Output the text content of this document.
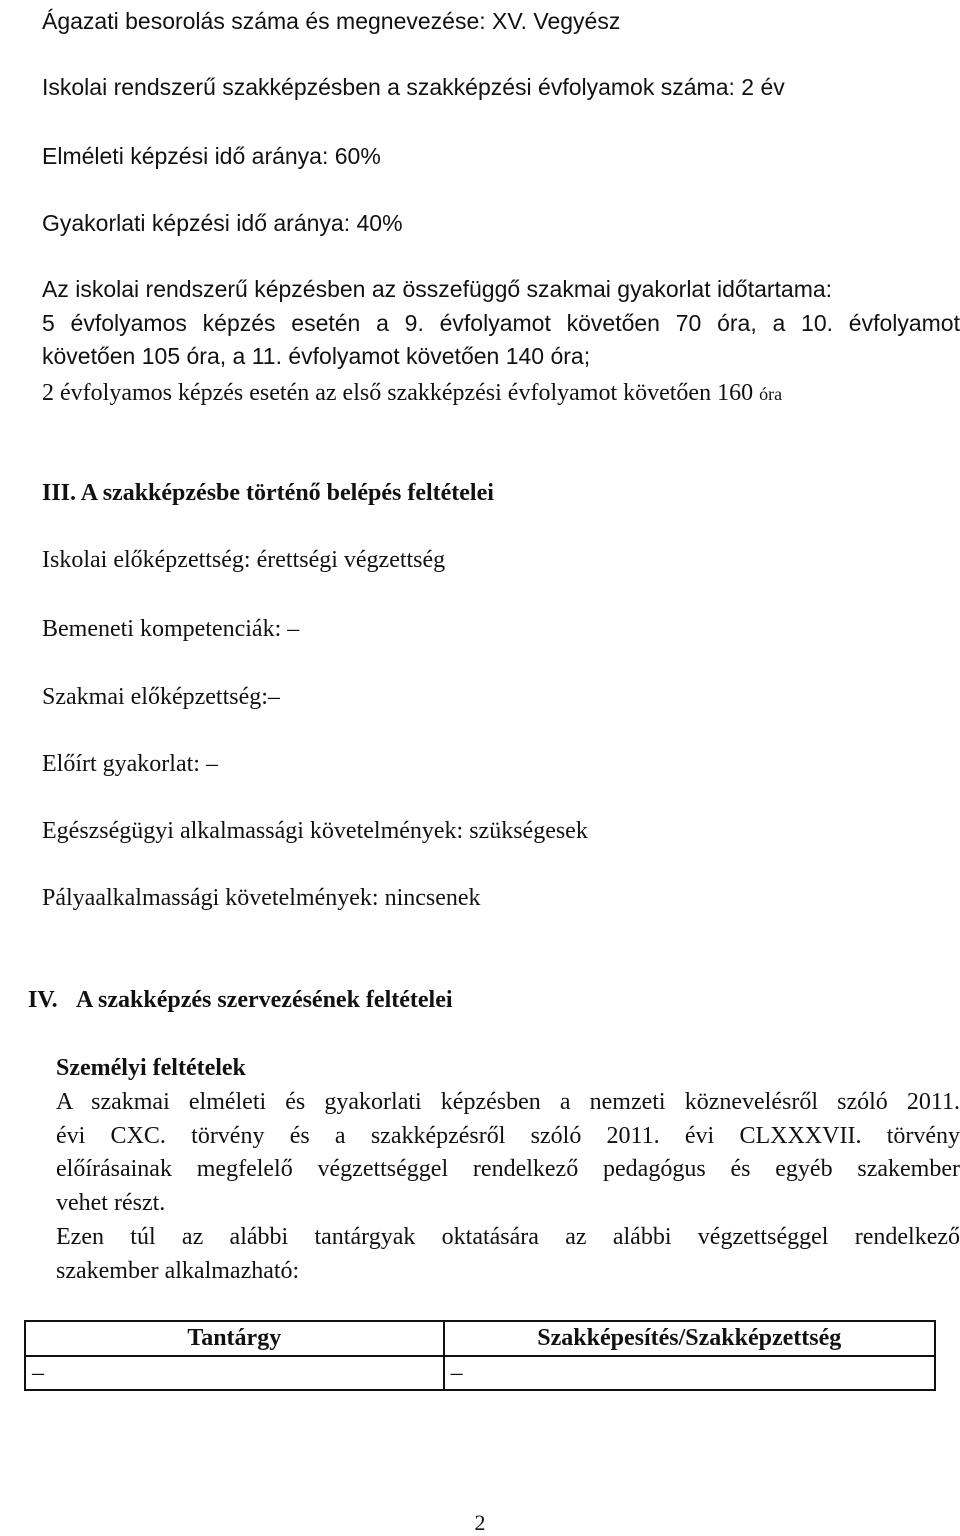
Ágazati besorolás száma és megnevezése: XV. Vegyész
Iskolai rendszerű szakképzésben a szakképzési évfolyamok száma: 2 év
Elméleti képzési idő aránya: 60%
Gyakorlati képzési idő aránya: 40%
Az iskolai rendszerű képzésben az összefüggő szakmai gyakorlat időtartama:
5 évfolyamos képzés esetén a 9. évfolyamot követően 70 óra, a 10. évfolyamot
követően 105 óra, a 11. évfolyamot követően 140 óra;
2 évfolyamos képzés esetén az első szakképzési évfolyamot követően 160 óra
III. A szakképzésbe történő belépés feltételei
Iskolai előképzettség: érettségi végzettség
Bemeneti kompetenciák: –
Szakmai előképzettség:–
Előírt gyakorlat: –
Egészségügyi alkalmassági követelmények: szükségesek
Pályaalkalmassági követelmények: nincsenek
IV. A szakképzés szervezésének feltételei
Személyi feltételek
A szakmai elméleti és gyakorlati képzésben a nemzeti köznevelésről szóló 2011.
évi CXC. törvény és a szakképzésről szóló 2011. évi CLXXXVII. törvény
előírásainak megfelelő végzettséggel rendelkező pedagógus és egyéb szakember
vehet részt.
Ezen túl az alábbi tantárgyak oktatására az alábbi végzettséggel rendelkező
szakember alkalmazható:
Tantárgy	Szakképesítés/Szakképzettség
–	–
2
